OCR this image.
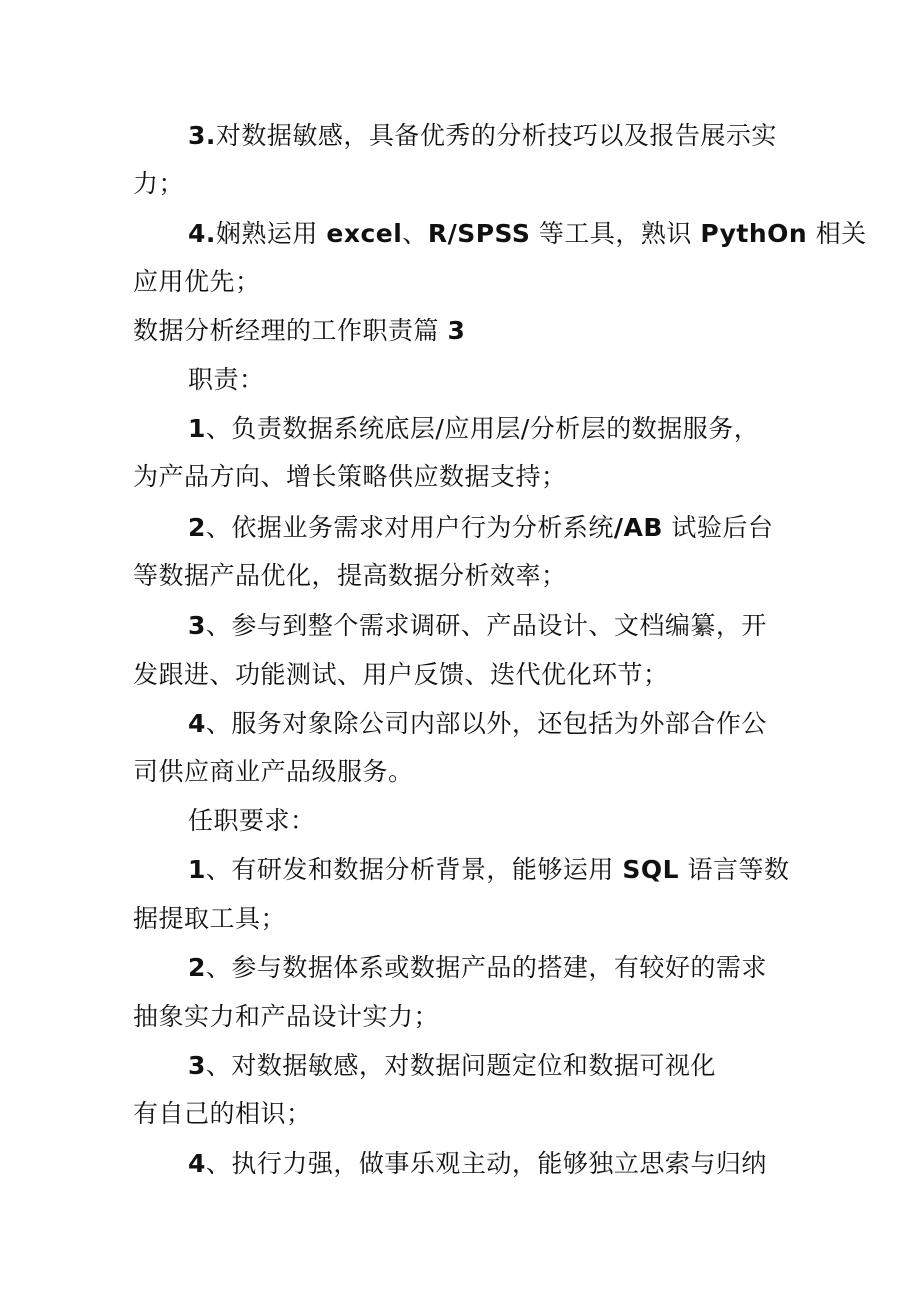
3.对数据敏感，具备优秀的分析技巧以及报告展示实
力；
4.娴熟运用 excel、R/SPSS 等工具，熟识 PythOn 相关
应用优先；
数据分析经理的工作职责篇 3
职责：
1、负责数据系统底层/应用层/分析层的数据服务，
为产品方向、增长策略供应数据支持；
2、依据业务需求对用户行为分析系统/AB 试验后台
等数据产品优化，提高数据分析效率；
3、参与到整个需求调研、产品设计、文档编纂，开
发跟进、功能测试、用户反馈、迭代优化环节；
4、服务对象除公司内部以外，还包括为外部合作公
司供应商业产品级服务。
任职要求：
1、有研发和数据分析背景，能够运用 SQL 语言等数
据提取工具；
2、参与数据体系或数据产品的搭建，有较好的需求
抽象实力和产品设计实力；
3、对数据敏感，对数据问题定位和数据可视化
有自己的相识；
4、执行力强，做事乐观主动，能够独立思索与归纳
